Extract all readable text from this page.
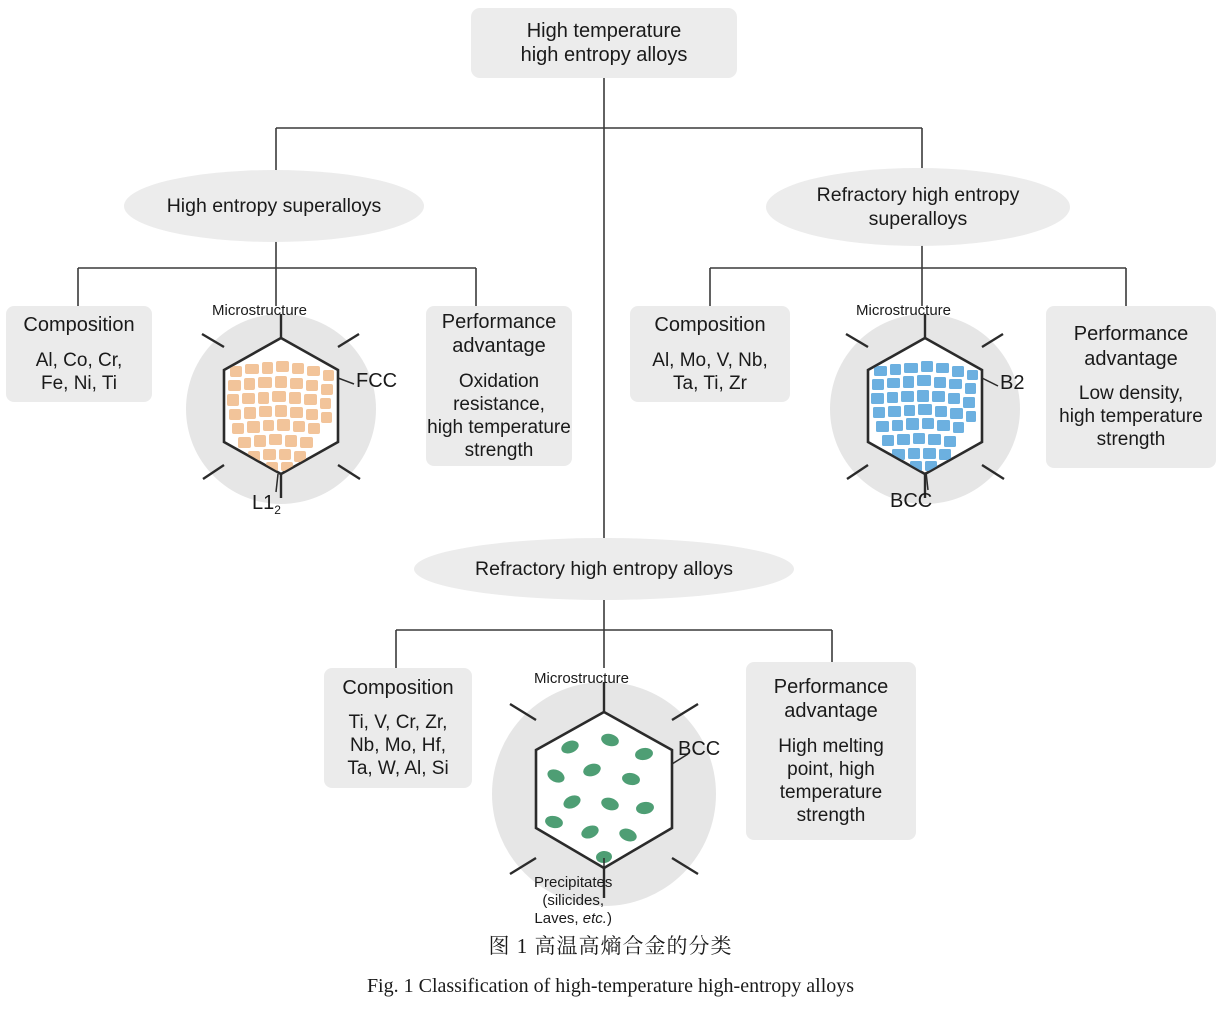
High temperature
high entropy alloys
High entropy superalloys
Refractory high entropy superalloys
Refractory high entropy alloys
Composition
Al, Co, Cr,
Fe, Ni, Ti
Microstructure
FCC
$L1_2$
Performance
advantage
Oxidation
resistance,
high temperature
strength
Composition
Al, Mo, V, Nb,
Ta, Ti, Zr
Microstructure
B2
BCC
Performance
advantage
Low density,
high temperature
strength
Composition
Ti, V, Cr, Zr,
Nb, Mo, Hf,
Ta, W, Al, Si
Microstructure
BCC
Precipitates
(silicides,
Laves, etc.)
Performance
advantage
High melting
point, high
temperature
strength
图 1 高温高熵合金的分类
Fig. 1 Classification of high-temperature high-entropy alloys
